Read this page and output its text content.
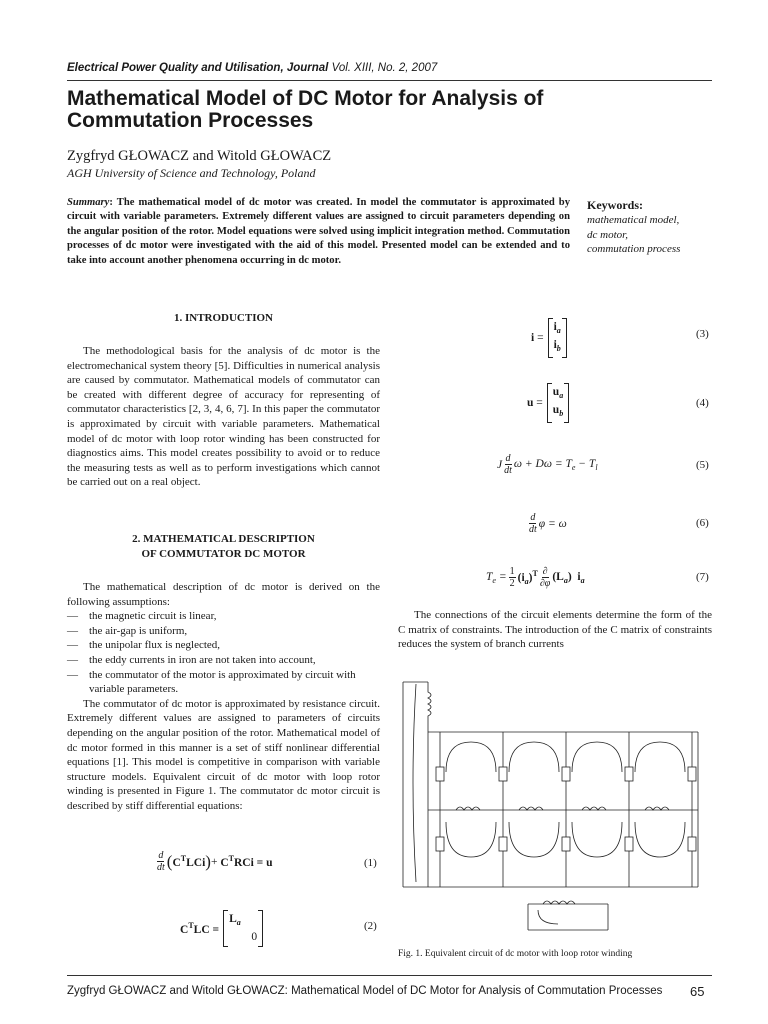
Electrical Power Quality and Utilisation, Journal Vol. XIII, No. 2, 2007
Mathematical Model of DC Motor for Analysis of Commutation Processes
Zygfryd GŁOWACZ and Witold GŁOWACZ
AGH University of Science and Technology, Poland

Summary: The mathematical model of dc motor was created. In model the commutator is approximated by circuit with variable parameters. Extremely different values are assigned to circuit parameters depending on the angular position of the rotor. Model equations were solved using implicit integration method. Commutation processes of dc motor were investigated with the aid of this model. Presented model can be extended and to take into account another phenomena occurring in dc motor.

Keywords:
mathematical model,
dc motor,
commutation process

1. INTRODUCTION

The methodological basis for the analysis of dc motor is the electromechanical system theory [5]. Difficulties in numerical analysis are caused by commutator. Mathematical models of commutator can be created with different degree of accuracy for representing of commutator characteristics [2, 3, 4, 6, 7]. In this paper the commutator is approximated by circuit with variable parameters. Mathematical model of dc motor with loop rotor winding has been constructed for diagnostics aims. This model creates possibility to avoid or to reduce the measuring tests as well as to perform investigations which cannot be carried out on a real object.

2. MATHEMATICAL DESCRIPTION

OF COMMUTATOR DC MOTOR

The mathematical description of dc motor is derived on the following assumptions:

— the magnetic circuit is linear,
— the air-gap is uniform,
— the unipolar flux is neglected,
— the eddy currents in iron are not taken into account,
— the commutator of the motor is approximated by circuit with variable parameters.

The commutator of dc motor is approximated by resistance circuit. Extremely different values are assigned to parameters of circuits depending on the angular position of the rotor. Mathematical model of dc motor formed in this manner is a set of stiff nonlinear differential equations [1]. This model is competitive in comparison with variable structure models. Equivalent circuit of dc motor with loop rotor winding is presented in Figure 1. The commutator dc motor circuit is described by stiff differential equations:

$\frac{d}{dt}$ ( $C^TLCi$ ) + $C^TRCi = u$	(1)
$C^TLC$ =
$L_a$
0
(2)
i =
$i_a$
$i_b$
(3)
u =
$u_a$
$u_b$
(4)
J $\frac{d}{dt}$ $\omega + D\omega = T_e - T_l$	(5)
$\frac{d}{dt}$ φ = ω	(6)
$T_e = \frac{1}{2} (i_a)^T \frac{\partial}{\partial\varphi} (L_a)$  $i_a$	(7)

The connections of the circuit elements determine the form of the C matrix of constraints. The introduction of the C matrix of constraints reduces the system of branch currents

Fig. 1. Equivalent circuit of dc motor with loop rotor winding
Zygfryd GŁOWACZ and Witold GŁOWACZ: Mathematical Model of DC Motor for Analysis of Commutation Processes 65
